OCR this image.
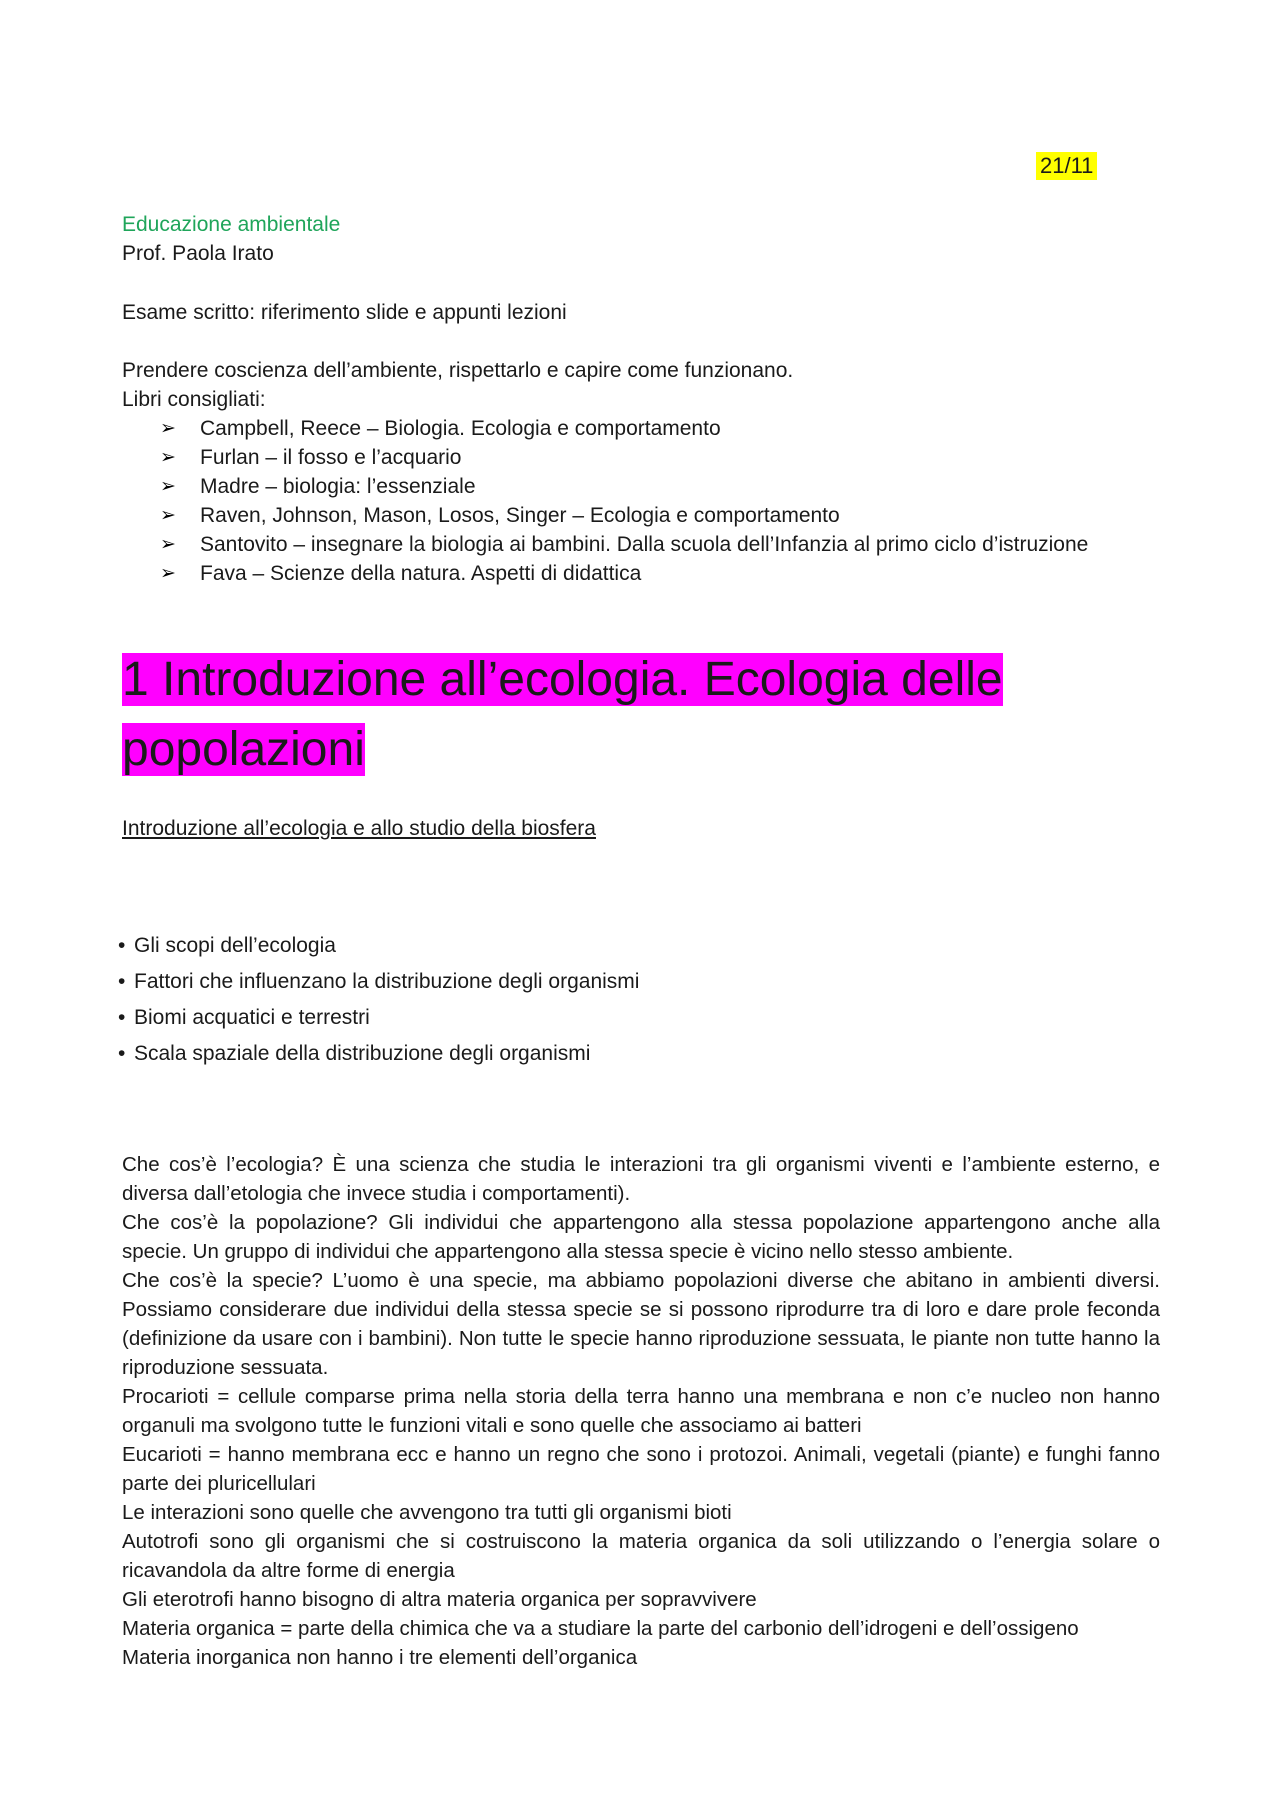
21/11
Educazione ambientale
Prof. Paola Irato
Esame scritto: riferimento slide e appunti lezioni
Prendere coscienza dell’ambiente, rispettarlo e capire come funzionano.
Libri consigliati:
➢ Campbell, Reece – Biologia. Ecologia e comportamento
➢ Furlan – il fosso e l’acquario
➢ Madre – biologia: l’essenziale
➢ Raven, Johnson, Mason, Losos, Singer – Ecologia e comportamento
➢ Santovito – insegnare la biologia ai bambini. Dalla scuola dell’Infanzia al primo ciclo d’istruzione
➢ Fava – Scienze della natura. Aspetti di didattica
1 Introduzione all’ecologia. Ecologia delle popolazioni
Introduzione all’ecologia e allo studio della biosfera
• Gli scopi dell’ecologia
• Fattori che influenzano la distribuzione degli organismi
• Biomi acquatici e terrestri
• Scala spaziale della distribuzione degli organismi

Che cos’è l’ecologia? È una scienza che studia le interazioni tra gli organismi viventi e l’ambiente esterno, e diversa dall’etologia che invece studia i comportamenti).

Che cos’è la popolazione? Gli individui che appartengono alla stessa popolazione appartengono anche alla specie. Un gruppo di individui che appartengono alla stessa specie è vicino nello stesso ambiente.

Che cos’è la specie? L’uomo è una specie, ma abbiamo popolazioni diverse che abitano in ambienti diversi. Possiamo considerare due individui della stessa specie se si possono riprodurre tra di loro e dare prole feconda (definizione da usare con i bambini). Non tutte le specie hanno riproduzione sessuata, le piante non tutte hanno la riproduzione sessuata.

Procarioti = cellule comparse prima nella storia della terra hanno una membrana e non c’e nucleo non hanno organuli ma svolgono tutte le funzioni vitali e sono quelle che associamo ai batteri

Eucarioti = hanno membrana ecc e hanno un regno che sono i protozoi. Animali, vegetali (piante) e funghi fanno parte dei pluricellulari

Le interazioni sono quelle che avvengono tra tutti gli organismi bioti

Autotrofi sono gli organismi che si costruiscono la materia organica da soli utilizzando o l’energia solare o ricavandola da altre forme di energia

Gli eterotrofi hanno bisogno di altra materia organica per sopravvivere

Materia organica = parte della chimica che va a studiare la parte del carbonio dell’idrogeni e dell’ossigeno

Materia inorganica non hanno i tre elementi dell’organica
